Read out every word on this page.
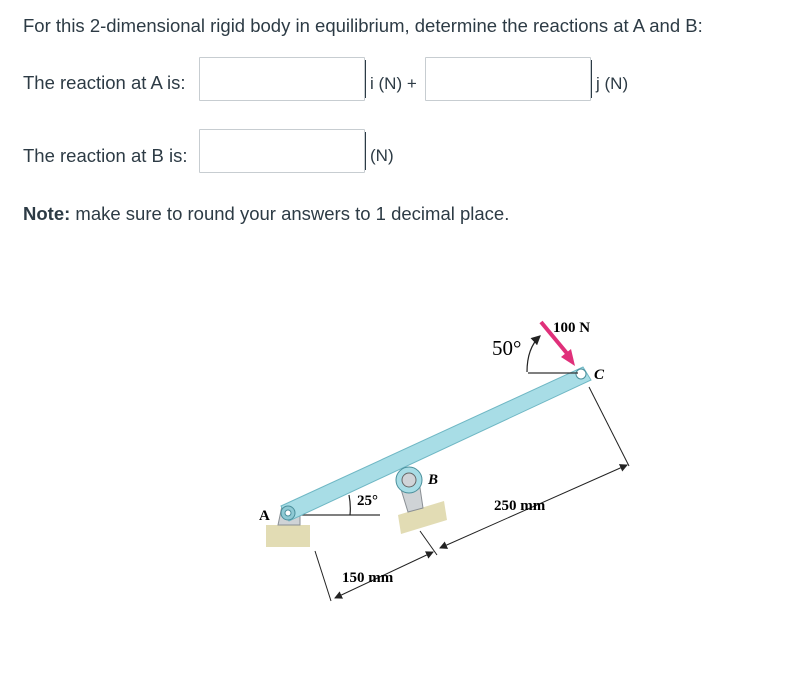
For this 2-dimensional rigid body in equilibrium, determine the reactions at A and B:
The reaction at A is:	i (N) +	j (N)
The reaction at B is:	(N)
Note: make sure to round your answers to 1 decimal place.
A
B
C
100 N
50°
25°
150 mm
250 mm
